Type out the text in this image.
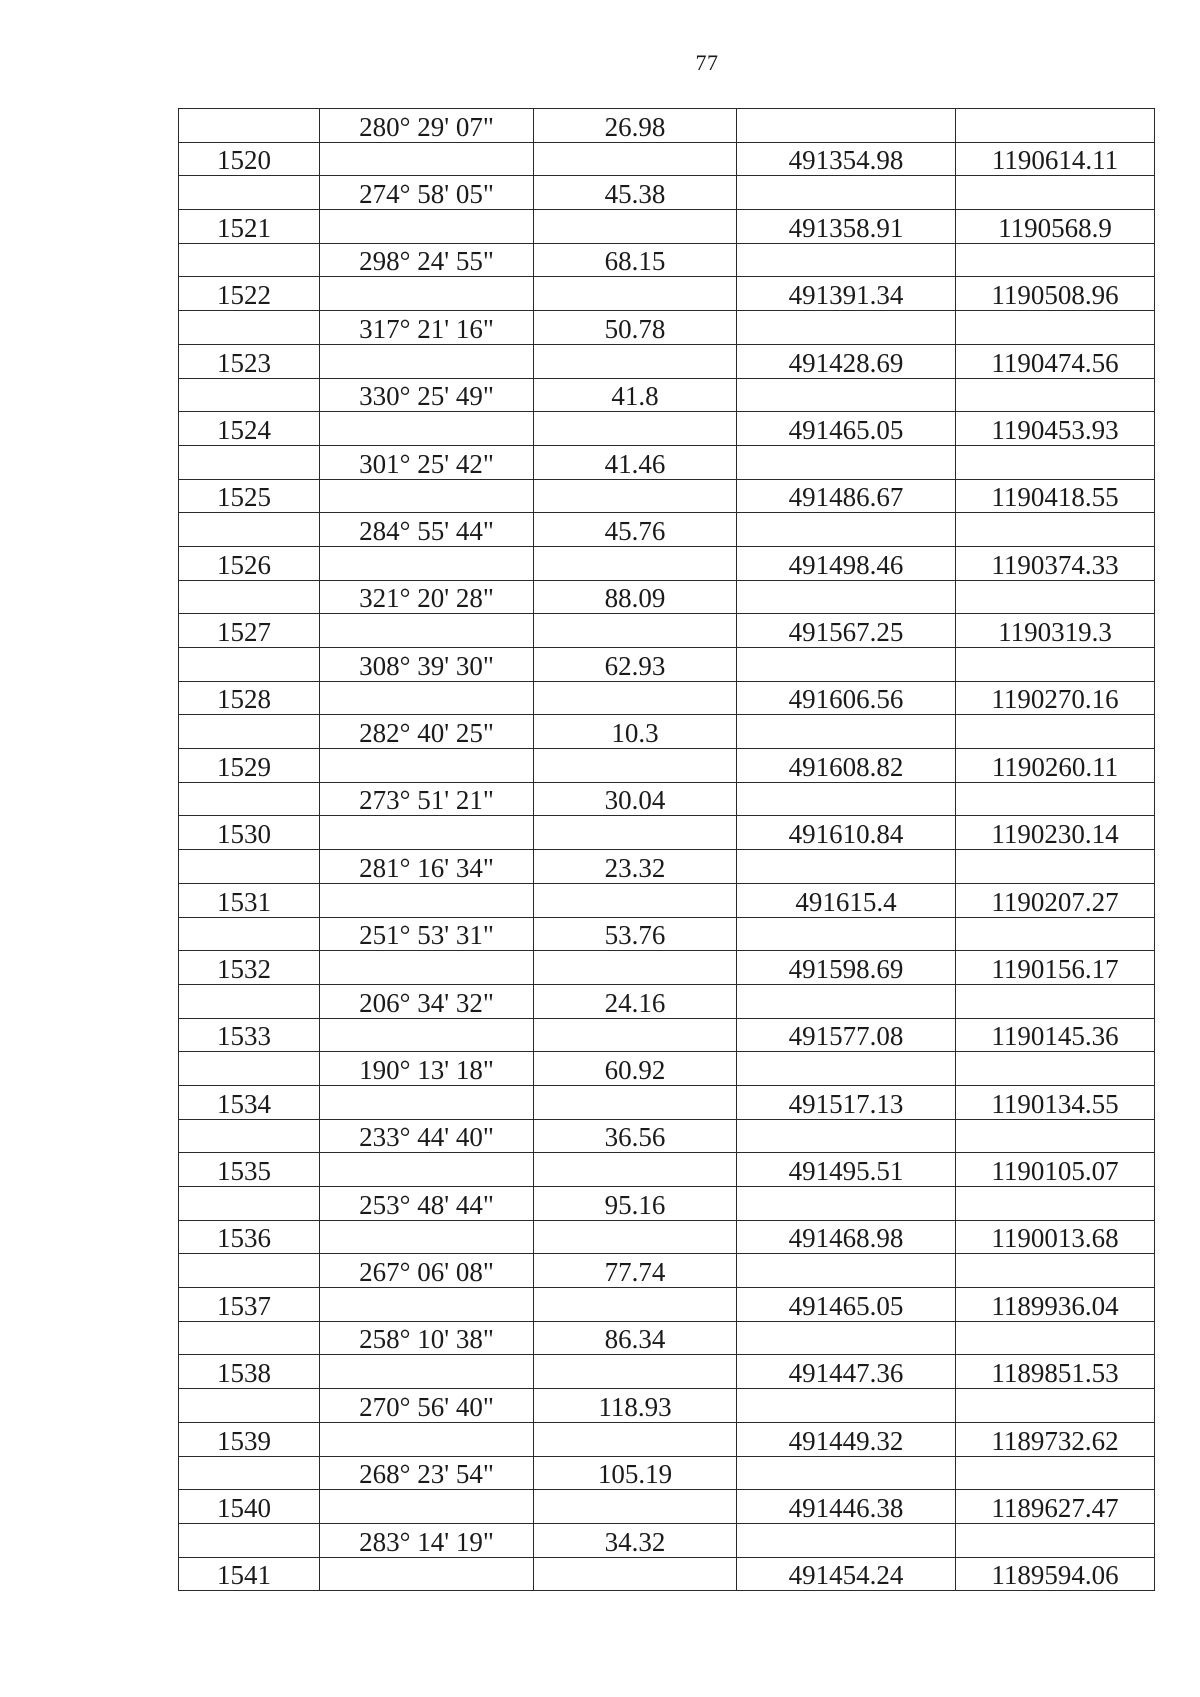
77
	280° 29' 07"	26.98		
1520			491354.98	1190614.11
	274° 58' 05"	45.38		
1521			491358.91	1190568.9
	298° 24' 55"	68.15		
1522			491391.34	1190508.96
	317° 21' 16"	50.78		
1523			491428.69	1190474.56
	330° 25' 49"	41.8		
1524			491465.05	1190453.93
	301° 25' 42"	41.46		
1525			491486.67	1190418.55
	284° 55' 44"	45.76		
1526			491498.46	1190374.33
	321° 20' 28"	88.09		
1527			491567.25	1190319.3
	308° 39' 30"	62.93		
1528			491606.56	1190270.16
	282° 40' 25"	10.3		
1529			491608.82	1190260.11
	273° 51' 21"	30.04		
1530			491610.84	1190230.14
	281° 16' 34"	23.32		
1531			491615.4	1190207.27
	251° 53' 31"	53.76		
1532			491598.69	1190156.17
	206° 34' 32"	24.16		
1533			491577.08	1190145.36
	190° 13' 18"	60.92		
1534			491517.13	1190134.55
	233° 44' 40"	36.56		
1535			491495.51	1190105.07
	253° 48' 44"	95.16		
1536			491468.98	1190013.68
	267° 06' 08"	77.74		
1537			491465.05	1189936.04
	258° 10' 38"	86.34		
1538			491447.36	1189851.53
	270° 56' 40"	118.93		
1539			491449.32	1189732.62
	268° 23' 54"	105.19		
1540			491446.38	1189627.47
	283° 14' 19"	34.32		
1541			491454.24	1189594.06
